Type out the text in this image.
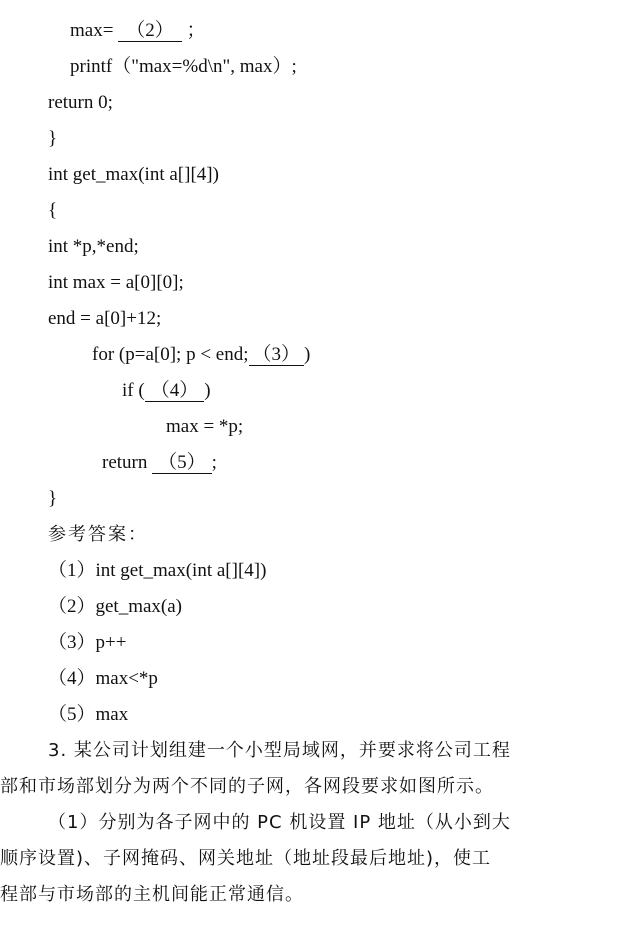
max= （2） ；
printf（"max=%d\n", max）;
return 0;
}
int get_max(int a[][4])
{
int *p,*end;
int max = a[0][0];
end = a[0]+12;
for (p=a[0]; p < end; （3） )
if ( （4） )
max = *p;
return （5） ;
}
参考答案：
（1）int get_max(int a[][4])
（2）get_max(a)
（3）p++
（4）max<*p
（5）max
3. 某公司计划组建一个小型局域网，并要求将公司工程
部和市场部划分为两个不同的子网，各网段要求如图所示。
（1）分别为各子网中的 PC 机设置 IP 地址（从小到大
顺序设置)、子网掩码、网关地址（地址段最后地址)，使工
程部与市场部的主机间能正常通信。
